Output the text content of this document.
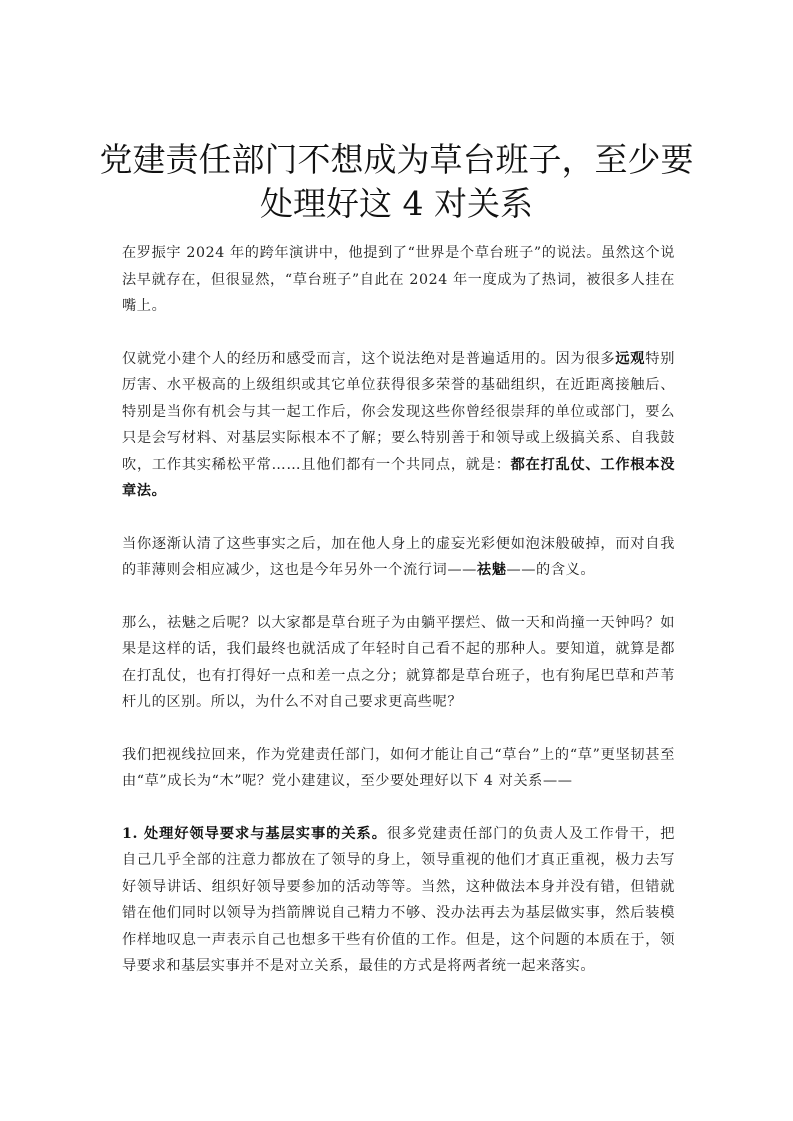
党建责任部门不想成为草台班子，至少要处理好这 4 对关系

在罗振宇 2024 年的跨年演讲中，他提到了“世界是个草台班子”的说法。虽然这个说法早就存在，但很显然，“草台班子”自此在 2024 年一度成为了热词，被很多人挂在嘴上。

仅就党小建个人的经历和感受而言，这个说法绝对是普遍适用的。因为很多远观特别厉害、水平极高的上级组织或其它单位获得很多荣誉的基础组织，在近距离接触后、特别是当你有机会与其一起工作后，你会发现这些你曾经很崇拜的单位或部门，要么只是会写材料、对基层实际根本不了解；要么特别善于和领导或上级搞关系、自我鼓吹，工作其实稀松平常……且他们都有一个共同点，就是：都在打乱仗、工作根本没章法。

当你逐渐认清了这些事实之后，加在他人身上的虚妄光彩便如泡沫般破掉，而对自我的菲薄则会相应减少，这也是今年另外一个流行词——祛魅——的含义。

那么，祛魅之后呢？以大家都是草台班子为由躺平摆烂、做一天和尚撞一天钟吗？如果是这样的话，我们最终也就活成了年轻时自己看不起的那种人。要知道，就算是都在打乱仗，也有打得好一点和差一点之分；就算都是草台班子，也有狗尾巴草和芦苇杆儿的区别。所以，为什么不对自己要求更高些呢？

我们把视线拉回来，作为党建责任部门，如何才能让自己“草台”上的“草”更坚韧甚至由“草”成长为“木”呢？党小建建议，至少要处理好以下 4 对关系——

1. 处理好领导要求与基层实事的关系。很多党建责任部门的负责人及工作骨干，把自己几乎全部的注意力都放在了领导的身上，领导重视的他们才真正重视，极力去写好领导讲话、组织好领导要参加的活动等等。当然，这种做法本身并没有错，但错就错在他们同时以领导为挡箭牌说自己精力不够、没办法再去为基层做实事，然后装模作样地叹息一声表示自己也想多干些有价值的工作。但是，这个问题的本质在于，领导要求和基层实事并不是对立关系，最佳的方式是将两者统一起来落实。
